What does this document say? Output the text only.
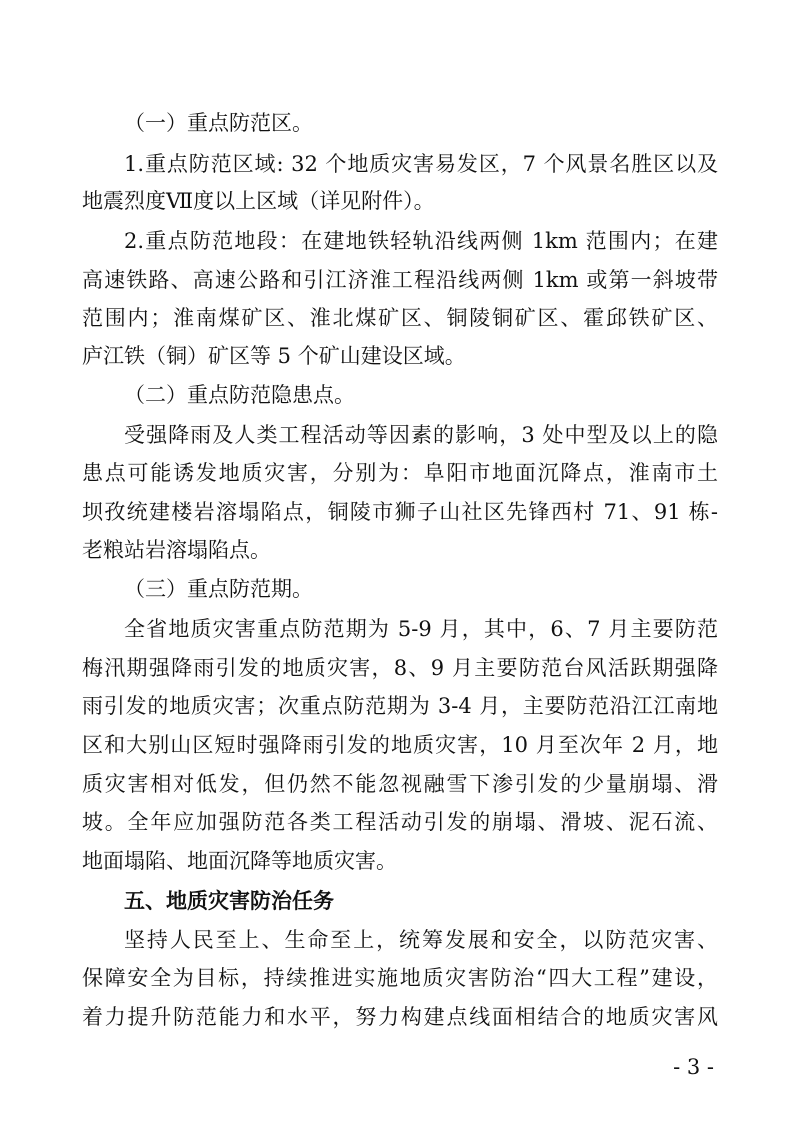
（一）重点防范区。
1.重点防范区域: 32 个地质灾害易发区，7 个风景名胜区以及
地震烈度Ⅶ度以上区域（详见附件）。
2.重点防范地段：在建地铁轻轨沿线两侧 1km 范围内；在建
高速铁路、高速公路和引江济淮工程沿线两侧 1km 或第一斜坡带
范围内；淮南煤矿区、淮北煤矿区、铜陵铜矿区、霍邱铁矿区、
庐江铁（铜）矿区等 5 个矿山建设区域。
（二）重点防范隐患点。
受强降雨及人类工程活动等因素的影响，3 处中型及以上的隐
患点可能诱发地质灾害，分别为：阜阳市地面沉降点，淮南市土
坝孜统建楼岩溶塌陷点，铜陵市狮子山社区先锋西村 71、91 栋-
老粮站岩溶塌陷点。
（三）重点防范期。
全省地质灾害重点防范期为 5-9 月，其中，6、7 月主要防范
梅汛期强降雨引发的地质灾害，8、9 月主要防范台风活跃期强降
雨引发的地质灾害；次重点防范期为 3-4 月，主要防范沿江江南地
区和大别山区短时强降雨引发的地质灾害，10 月至次年 2 月，地
质灾害相对低发，但仍然不能忽视融雪下渗引发的少量崩塌、滑
坡。全年应加强防范各类工程活动引发的崩塌、滑坡、泥石流、
地面塌陷、地面沉降等地质灾害。
五、地质灾害防治任务
坚持人民至上、生命至上，统筹发展和安全，以防范灾害、
保障安全为目标，持续推进实施地质灾害防治“四大工程”建设，
着力提升防范能力和水平，努力构建点线面相结合的地质灾害风
- 3 -
